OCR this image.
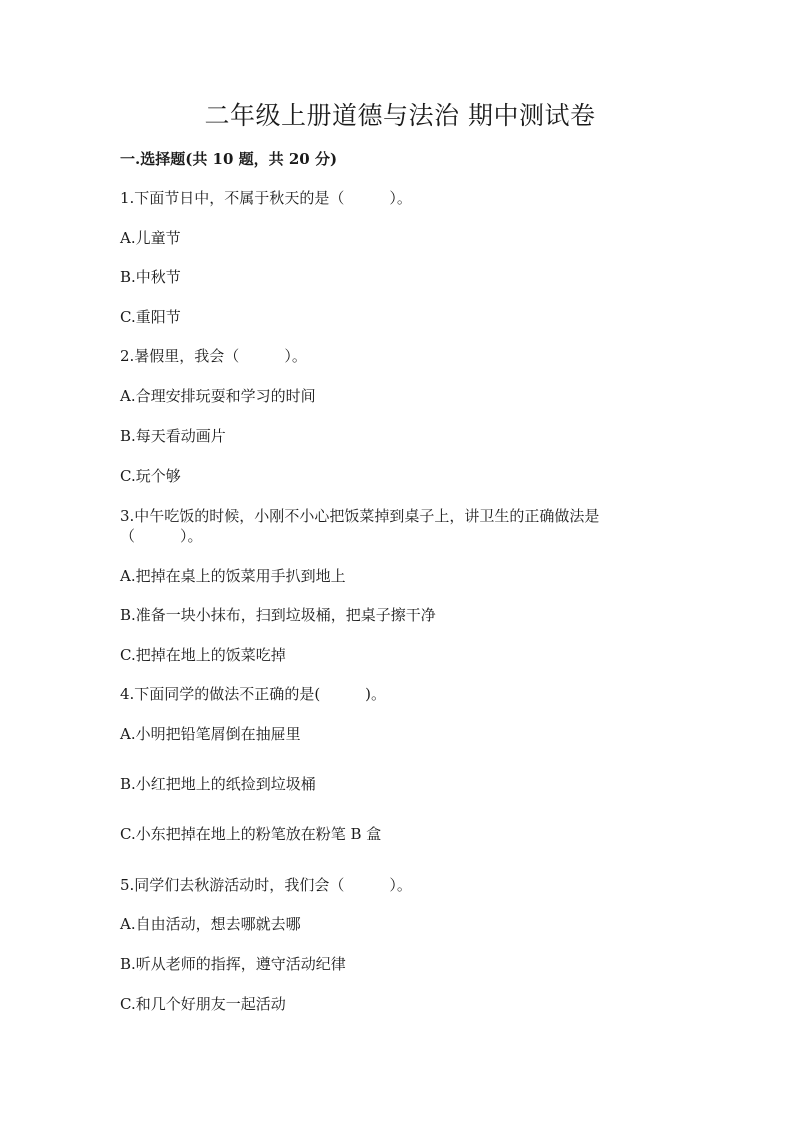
二年级上册道德与法治 期中测试卷
一.选择题(共 10 题，共 20 分)
1.下面节日中，不属于秋天的是（　　　）。
A.儿童节
B.中秋节
C.重阳节
2.暑假里，我会（　　　）。
A.合理安排玩耍和学习的时间
B.每天看动画片
C.玩个够
3.中午吃饭的时候，小刚不小心把饭菜掉到桌子上，讲卫生的正确做法是（　　　）。
A.把掉在桌上的饭菜用手扒到地上
B.准备一块小抹布，扫到垃圾桶，把桌子擦干净
C.把掉在地上的饭菜吃掉
4.下面同学的做法不正确的是(　　　)。
A.小明把铅笔屑倒在抽屉里
B.小红把地上的纸捡到垃圾桶
C.小东把掉在地上的粉笔放在粉笔 B 盒
5.同学们去秋游活动时，我们会（　　　）。
A.自由活动，想去哪就去哪
B.听从老师的指挥，遵守活动纪律
C.和几个好朋友一起活动
